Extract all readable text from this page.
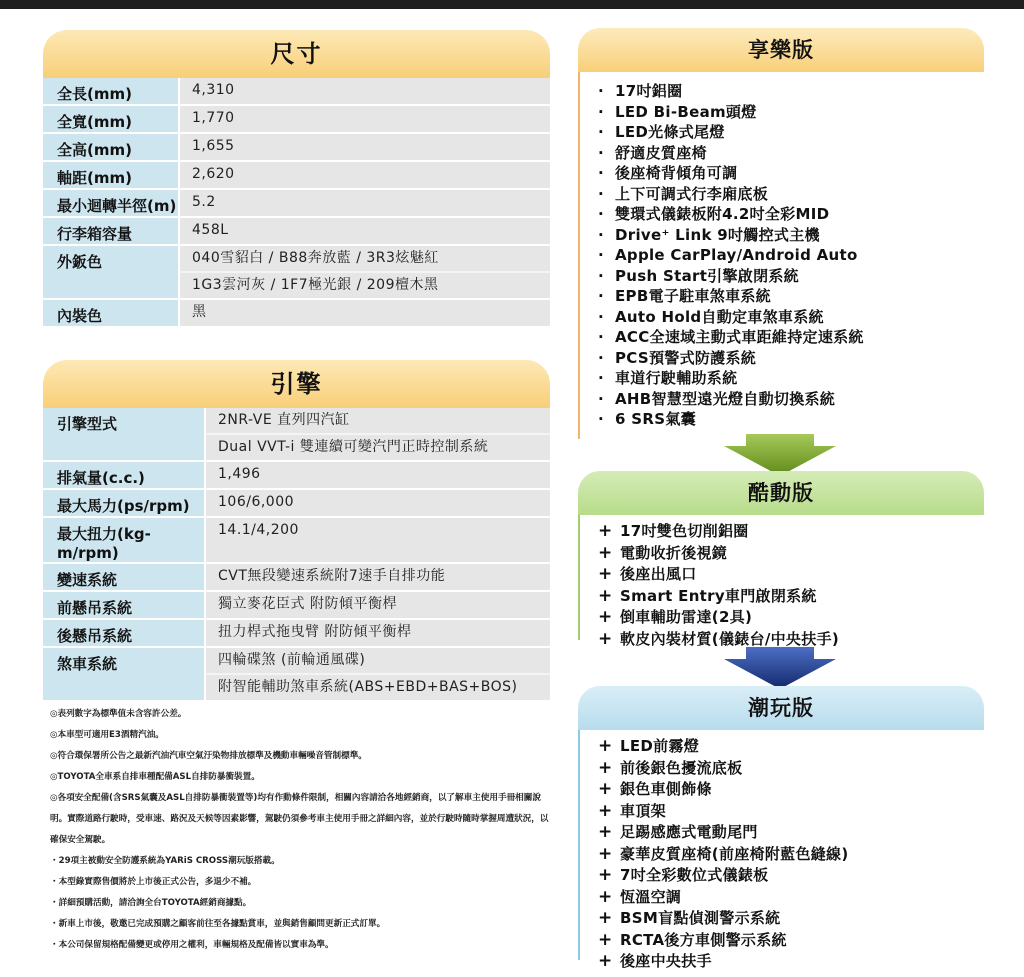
尺寸
全長(mm)	4,310

全寬(mm)	1,770

全高(mm)	1,655

軸距(mm)	2,620

最小迴轉半徑(m)	5.2

行李箱容量	458L

外鈑色	040雪貂白 / B88奔放藍 / 3R3炫魅紅
1G3雲河灰 / 1F7極光銀 / 209檀木黑

內裝色	黑
引擎
引擎型式	2NR-VE 直列四汽缸
Dual VVT-i 雙連續可變汽門正時控制系統

排氣量(c.c.)	1,496

最大馬力(ps/rpm)	106/6,000

最大扭力(kg-m/rpm)	14.1/4,200

變速系統	CVT無段變速系統附7速手自排功能

前懸吊系統	獨立麥花臣式 附防傾平衡桿

後懸吊系統	扭力桿式拖曳臂 附防傾平衡桿

煞車系統	四輪碟煞 (前輪通風碟)
附智能輔助煞車系統(ABS+EBD+BAS+BOS)
◎表列數字為標準值未含容許公差。
◎本車型可適用E3酒精汽油。
◎符合環保署所公告之最新汽油汽車空氣汙染物排放標準及機動車輛噪音管制標準。
◎TOYOTA全車系自排車種配備ASL自排防暴衝裝置。
◎各項安全配備(含SRS氣囊及ASL自排防暴衝裝置等)均有作動條件限制，相關內容請洽各地經銷商，以了解車主使用手冊相關說明。實際道路行駛時，受車速、路況及天候等因素影響，駕駛仍須參考車主使用手冊之詳細內容，並於行駛時隨時掌握周遭狀況，以確保安全駕駛。
・29項主被動安全防護系統為YARiS CROSS潮玩版搭載。
・本型錄實際售價將於上市後正式公告，多退少不補。
・詳細預購活動，請洽詢全台TOYOTA經銷商據點。
・新車上市後，敬邀已完成預購之顧客前往至各據點賞車，並與銷售顧問更新正式訂單。
・本公司保留規格配備變更或停用之權利，車輛規格及配備皆以實車為準。
享樂版
· 17吋鋁圈
· LED Bi-Beam頭燈
· LED光條式尾燈
· 舒適皮質座椅
· 後座椅背傾角可調
· 上下可調式行李廂底板
· 雙環式儀錶板附4.2吋全彩MID
· Drive⁺ Link 9吋觸控式主機
· Apple CarPlay/Android Auto
· Push Start引擎啟閉系統
· EPB電子駐車煞車系統
· Auto Hold自動定車煞車系統
· ACC全速域主動式車距維持定速系統
· PCS預警式防護系統
· 車道行駛輔助系統
· AHB智慧型遠光燈自動切換系統
· 6 SRS氣囊
酷動版
+ 17吋雙色切削鋁圈
+ 電動收折後視鏡
+ 後座出風口
+ Smart Entry車門啟閉系統
+ 倒車輔助雷達(2具)
+ 軟皮內裝材質(儀錶台/中央扶手)
潮玩版
+ LED前霧燈
+ 前後銀色擾流底板
+ 銀色車側飾條
+ 車頂架
+ 足踢感應式電動尾門
+ 豪華皮質座椅(前座椅附藍色縫線)
+ 7吋全彩數位式儀錶板
+ 恆溫空調
+ BSM盲點偵測警示系統
+ RCTA後方車側警示系統
+ 後座中央扶手
